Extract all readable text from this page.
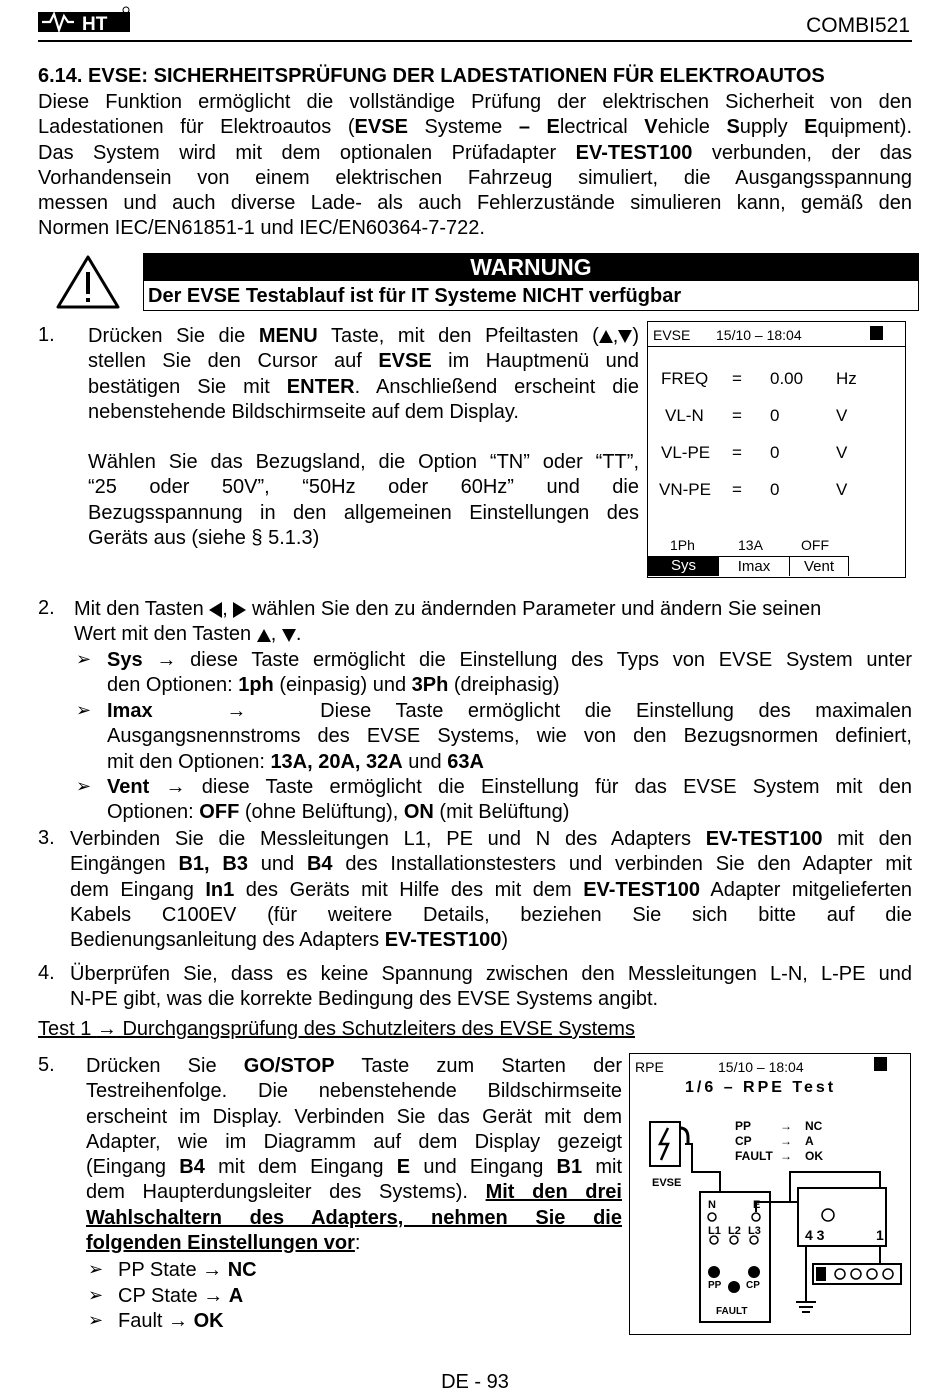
HT	COMBI521
6.14. EVSE: SICHERHEITSPRÜFUNG DER LADESTATIONEN FÜR ELEKTROAUTOS
Diese Funktion ermöglicht die vollständige Prüfung der elektrischen Sicherheit von den
Ladestationen für Elektroautos (EVSE Systeme – Electrical Vehicle Supply Equipment).
Das System wird mit dem optionalen Prüfadapter EV-TEST100 verbunden, der das
Vorhandensein von einem elektrischen Fahrzeug simuliert, die Ausgangsspannung
messen und auch diverse Lade- als auch Fehlerzustände simulieren kann, gemäß den
Normen IEC/EN61851-1 und IEC/EN60364-7-722.
WARNUNG
Der EVSE Testablauf ist für IT Systeme NICHT verfügbar
1. Drücken Sie die MENU Taste, mit den Pfeiltasten ( , )
stellen Sie den Cursor auf EVSE im Hauptmenü und
bestätigen Sie mit ENTER. Anschließend erscheint die
nebenstehende Bildschirmseite auf dem Display.
Wählen Sie das Bezugsland, die Option “TN” oder “TT”,
“25 oder 50V”, “50Hz oder 60Hz” und die
Bezugsspannung in den allgemeinen Einstellungen des
Geräts aus (siehe § 5.1.3)
EVSE 15/10 – 18:04
FREQ = 0.00 Hz
VL-N = 0	V
VL-PE = 0	V
VN-PE = 0	V
1Ph	13A	OFF
Sys	Imax	Vent
2. Mit den Tasten ,  wählen Sie den zu ändernden Parameter und ändern Sie seinen
Wert mit den Tasten , .
➢ Sys → diese Taste ermöglicht die Einstellung des Typs von EVSE System unter
den Optionen: 1ph (einpasig) und 3Ph (dreiphasig)
➢ Imax	→	Diese Taste ermöglicht die Einstellung des maximalen
Ausgangsnennstroms des EVSE Systems, wie von den Bezugsnormen definiert,
mit den Optionen: 13A, 20A, 32A und 63A
➢ Vent → diese Taste ermöglicht die Einstellung für das EVSE System mit den
Optionen: OFF (ohne Belüftung), ON (mit Belüftung)
3. Verbinden Sie die Messleitungen L1, PE und N des Adapters EV-TEST100 mit den
Eingängen B1, B3 und B4 des Installationstesters und verbinden Sie den Adapter mit
dem Eingang In1 des Geräts mit Hilfe des mit dem EV-TEST100 Adapter mitgelieferten
Kabels C100EV (für weitere Details, beziehen Sie sich bitte auf die
Bedienungsanleitung des Adapters EV-TEST100)
4. Überprüfen Sie, dass es keine Spannung zwischen den Messleitungen L-N, L-PE und
N-PE gibt, was die korrekte Bedingung des EVSE Systems angibt.
Test 1 → Durchgangsprüfung des Schutzleiters des EVSE Systems
5. Drücken Sie GO/STOP Taste zum Starten der
Testreihenfolge. Die nebenstehende Bildschirmseite
erscheint im Display. Verbinden Sie das Gerät mit dem
Adapter, wie im Diagramm auf dem Display gezeigt
(Eingang B4 mit dem Eingang E und Eingang B1 mit
dem Haupterdungsleiter des Systems). Mit den drei
Wahlschaltern des Adapters, nehmen Sie die
folgenden Einstellungen vor:
➢ PP State → NC
➢ CP State → A
➢ Fault → OK
RPE	15/10 – 18:04
1/6 – RPE Test
EVSE
N	E
L1 L2 L3
PP CP
FAULT
PP → NC
CP → A
FAULT → OK
4 3	1
DE - 93
